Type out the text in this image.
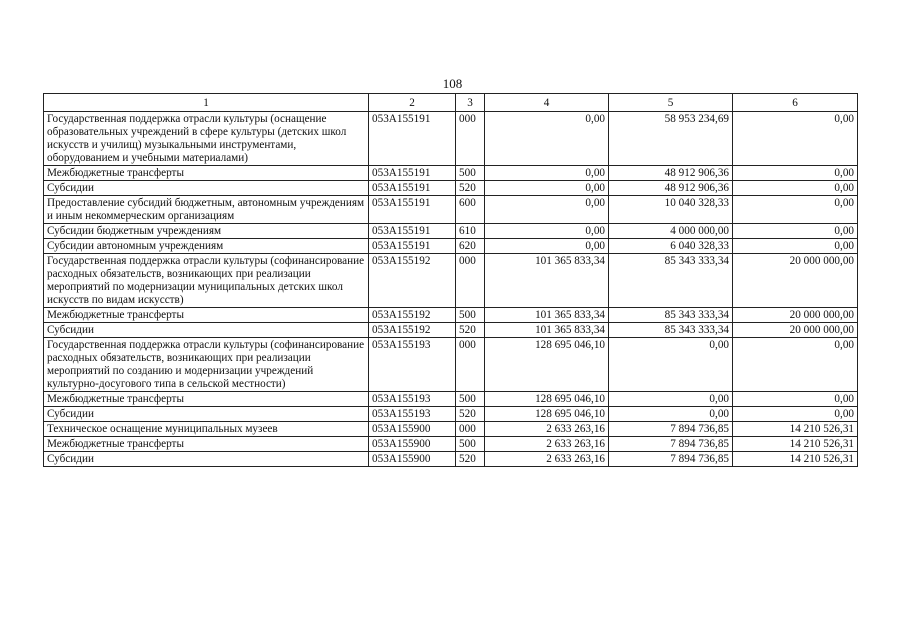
108
1	2	3	4	5	6
Государственная поддержка отрасли культуры (оснащение образовательных учреждений в сфере культуры (детских школ искусств и училищ) музыкальными инструментами, оборудованием и учебными материалами)	053A155191	000	0,00	58 953 234,69	0,00
Межбюджетные трансферты	053A155191	500	0,00	48 912 906,36	0,00
Субсидии	053A155191	520	0,00	48 912 906,36	0,00
Предоставление субсидий бюджетным, автономным учреждениям и иным некоммерческим организациям	053A155191	600	0,00	10 040 328,33	0,00
Субсидии бюджетным учреждениям	053A155191	610	0,00	4 000 000,00	0,00
Субсидии автономным учреждениям	053A155191	620	0,00	6 040 328,33	0,00
Государственная поддержка отрасли культуры (софинансирование расходных обязательств, возникающих при реализации мероприятий по модернизации муниципальных детских школ искусств по видам искусств)	053A155192	000	101 365 833,34	85 343 333,34	20 000 000,00
Межбюджетные трансферты	053A155192	500	101 365 833,34	85 343 333,34	20 000 000,00
Субсидии	053A155192	520	101 365 833,34	85 343 333,34	20 000 000,00
Государственная поддержка отрасли культуры (софинансирование расходных обязательств, возникающих при реализации мероприятий по созданию и модернизации учреждений культурно-досугового типа в сельской местности)	053A155193	000	128 695 046,10	0,00	0,00
Межбюджетные трансферты	053A155193	500	128 695 046,10	0,00	0,00
Субсидии	053A155193	520	128 695 046,10	0,00	0,00
Техническое оснащение муниципальных музеев	053A155900	000	2 633 263,16	7 894 736,85	14 210 526,31
Межбюджетные трансферты	053A155900	500	2 633 263,16	7 894 736,85	14 210 526,31
Субсидии	053A155900	520	2 633 263,16	7 894 736,85	14 210 526,31
